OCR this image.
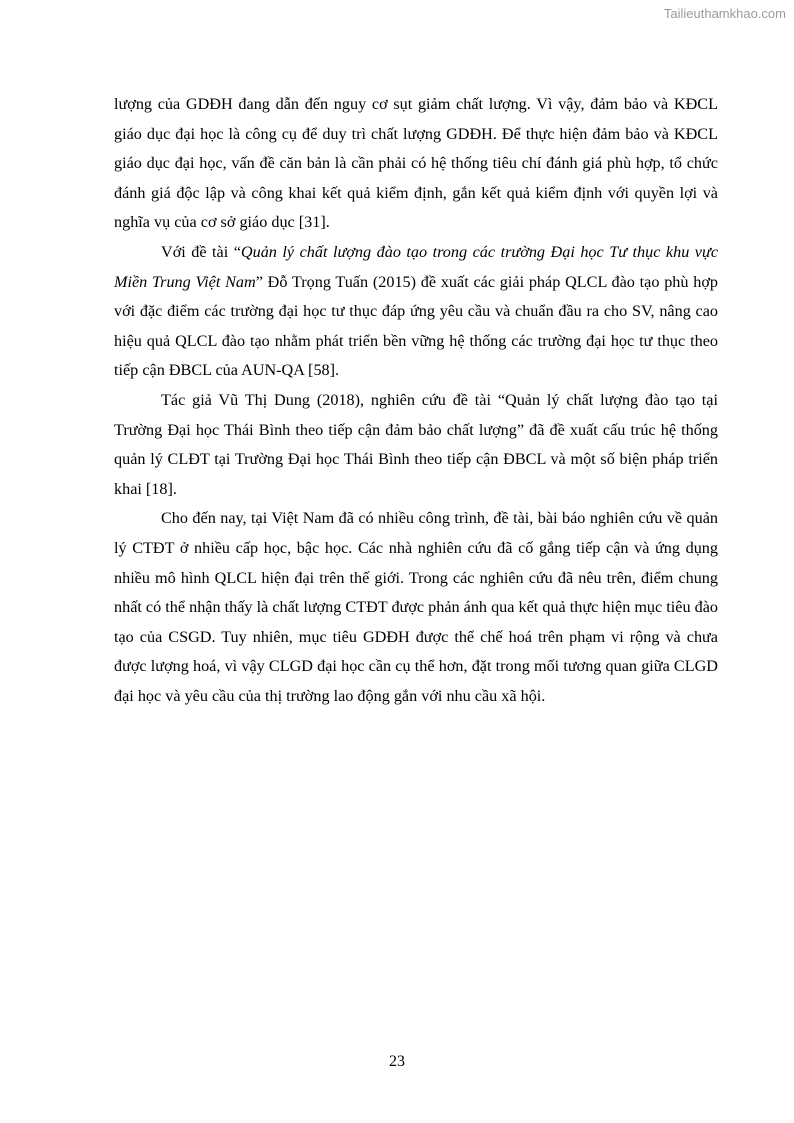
Tailieuthamkhao.com

lượng của GDĐH đang dẫn đến nguy cơ sụt giảm chất lượng. Vì vậy, đảm bảo và KĐCL giáo dục đại học là công cụ để duy trì chất lượng GDĐH. Để thực hiện đảm bảo và KĐCL giáo dục đại học, vấn đề căn bản là cần phải có hệ thống tiêu chí đánh giá phù hợp, tổ chức đánh giá độc lập và công khai kết quả kiểm định, gắn kết quả kiểm định với quyền lợi và nghĩa vụ của cơ sở giáo dục [31].

Với đề tài “Quản lý chất lượng đào tạo trong các trường Đại học Tư thục khu vực Miền Trung Việt Nam” Đỗ Trọng Tuấn (2015) đề xuất các giải pháp QLCL đào tạo phù hợp với đặc điểm các trường đại học tư thục đáp ứng yêu cầu và chuẩn đầu ra cho SV, nâng cao hiệu quả QLCL đào tạo nhằm phát triển bền vững hệ thống các trường đại học tư thục theo tiếp cận ĐBCL của AUN-QA [58].

Tác giả Vũ Thị Dung (2018), nghiên cứu đề tài “Quản lý chất lượng đào tạo tại Trường Đại học Thái Bình theo tiếp cận đảm bảo chất lượng” đã đề xuất cấu trúc hệ thống quản lý CLĐT tại Trường Đại học Thái Bình theo tiếp cận ĐBCL và một số biện pháp triển khai [18].

Cho đến nay, tại Việt Nam đã có nhiều công trình, đề tài, bài báo nghiên cứu về quản lý CTĐT ở nhiều cấp học, bậc học. Các nhà nghiên cứu đã cố gắng tiếp cận và ứng dụng nhiều mô hình QLCL hiện đại trên thế giới. Trong các nghiên cứu đã nêu trên, điểm chung nhất có thể nhận thấy là chất lượng CTĐT được phản ánh qua kết quả thực hiện mục tiêu đào tạo của CSGD. Tuy nhiên, mục tiêu GDĐH được thể chế hoá trên phạm vi rộng và chưa được lượng hoá, vì vậy CLGD đại học cần cụ thể hơn, đặt trong mối tương quan giữa CLGD đại học và yêu cầu của thị trường lao động gắn với nhu cầu xã hội.

23
